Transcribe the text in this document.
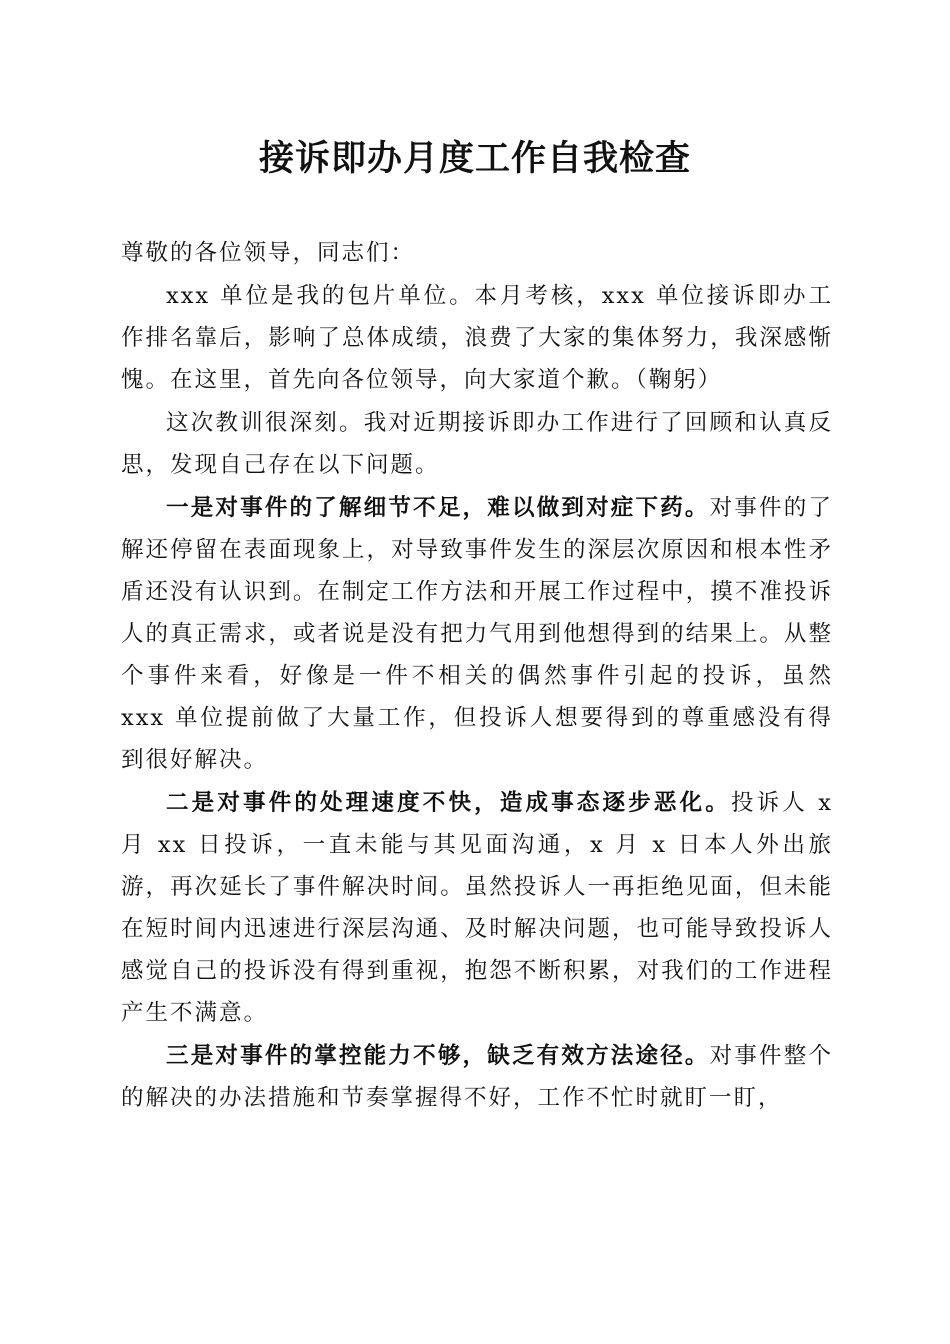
接诉即办月度工作自我检查

尊敬的各位领导，同志们：

xxx 单位是我的包片单位。本月考核，xxx 单位接诉即办工作排名靠后，影响了总体成绩，浪费了大家的集体努力，我深感惭愧。在这里，首先向各位领导，向大家道个歉。（鞠躬）

这次教训很深刻。我对近期接诉即办工作进行了回顾和认真反思，发现自己存在以下问题。

一是对事件的了解细节不足，难以做到对症下药。对事件的了解还停留在表面现象上，对导致事件发生的深层次原因和根本性矛盾还没有认识到。在制定工作方法和开展工作过程中，摸不准投诉人的真正需求，或者说是没有把力气用到他想得到的结果上。从整个事件来看，好像是一件不相关的偶然事件引起的投诉，虽然 xxx 单位提前做了大量工作，但投诉人想要得到的尊重感没有得到很好解决。

二是对事件的处理速度不快，造成事态逐步恶化。投诉人 x 月 xx 日投诉，一直未能与其见面沟通，x 月 x 日本人外出旅游，再次延长了事件解决时间。虽然投诉人一再拒绝见面，但未能在短时间内迅速进行深层沟通、及时解决问题，也可能导致投诉人感觉自己的投诉没有得到重视，抱怨不断积累，对我们的工作进程产生不满意。

三是对事件的掌控能力不够，缺乏有效方法途径。对事件整个的解决的办法措施和节奏掌握得不好，工作不忙时就盯一盯，
